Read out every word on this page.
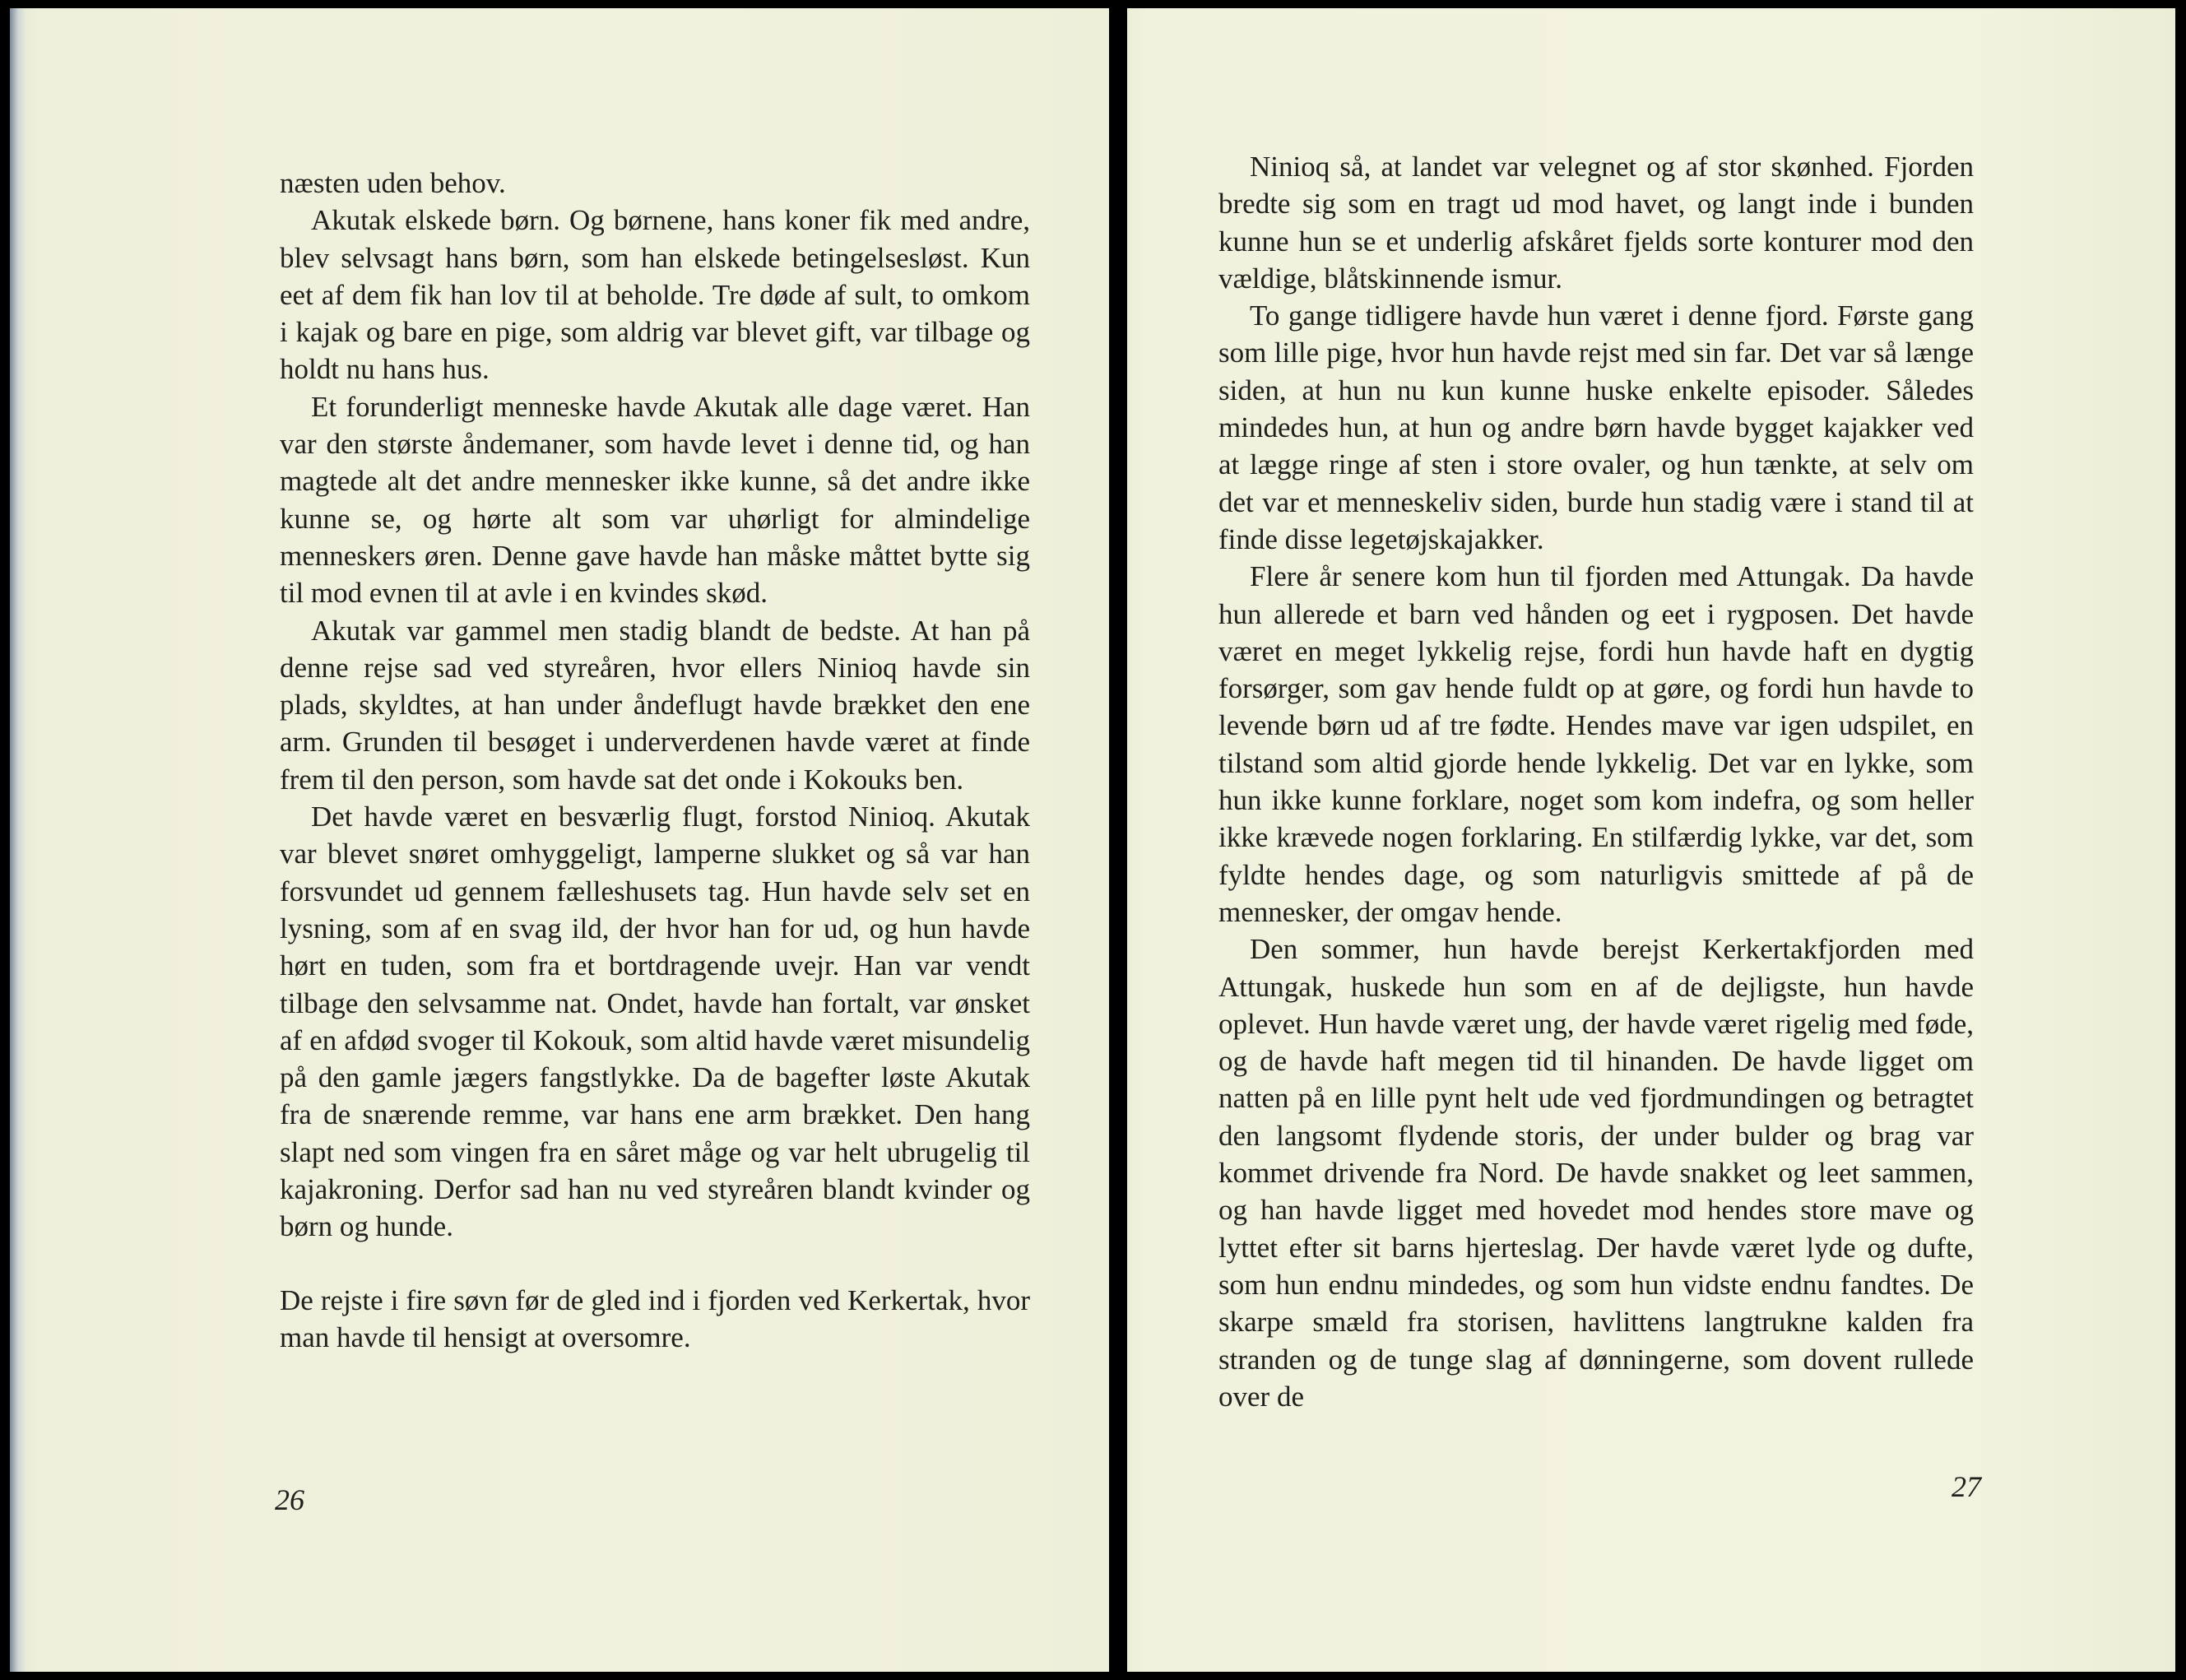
næsten uden behov.

Akutak elskede børn. Og børnene, hans koner fik med andre, blev selvsagt hans børn, som han elskede betingelsesløst. Kun eet af dem fik han lov til at beholde. Tre døde af sult, to omkom i kajak og bare en pige, som aldrig var blevet gift, var tilbage og holdt nu hans hus.

Et forunderligt menneske havde Akutak alle dage været. Han var den største åndemaner, som havde levet i denne tid, og han magtede alt det andre mennesker ikke kunne, så det andre ikke kunne se, og hørte alt som var uhørligt for almindelige menneskers øren. Denne gave havde han måske måttet bytte sig til mod evnen til at avle i en kvindes skød.

Akutak var gammel men stadig blandt de bedste. At han på denne rejse sad ved styreåren, hvor ellers Ninioq havde sin plads, skyldtes, at han under åndeflugt havde brækket den ene arm. Grunden til besøget i underverdenen havde været at finde frem til den person, som havde sat det onde i Kokouks ben.

Det havde været en besværlig flugt, forstod Ninioq. Akutak var blevet snøret omhyggeligt, lamperne slukket og så var han forsvundet ud gennem fælleshusets tag. Hun havde selv set en lysning, som af en svag ild, der hvor han for ud, og hun havde hørt en tuden, som fra et bortdragende uvejr. Han var vendt tilbage den selvsamme nat. Ondet, havde han fortalt, var ønsket af en afdød svoger til Kokouk, som altid havde været misundelig på den gamle jægers fangstlykke. Da de bagefter løste Akutak fra de snærende remme, var hans ene arm brækket. Den hang slapt ned som vingen fra en såret måge og var helt ubrugelig til kajakroning. Derfor sad han nu ved styreåren blandt kvinder og børn og hunde.

De rejste i fire søvn før de gled ind i fjorden ved Kerkertak, hvor man havde til hensigt at oversomre.

26

Ninioq så, at landet var velegnet og af stor skønhed. Fjorden bredte sig som en tragt ud mod havet, og langt inde i bunden kunne hun se et underlig afskåret fjelds sorte konturer mod den vældige, blåtskinnende ismur.

To gange tidligere havde hun været i denne fjord. Første gang som lille pige, hvor hun havde rejst med sin far. Det var så længe siden, at hun nu kun kunne huske enkelte episoder. Således mindedes hun, at hun og andre børn havde bygget kajakker ved at lægge ringe af sten i store ovaler, og hun tænkte, at selv om det var et menneskeliv siden, burde hun stadig være i stand til at finde disse legetøjskajakker.

Flere år senere kom hun til fjorden med Attungak. Da havde hun allerede et barn ved hånden og eet i rygposen. Det havde været en meget lykkelig rejse, fordi hun havde haft en dygtig forsørger, som gav hende fuldt op at gøre, og fordi hun havde to levende børn ud af tre fødte. Hendes mave var igen udspilet, en tilstand som altid gjorde hende lykkelig. Det var en lykke, som hun ikke kunne forklare, noget som kom indefra, og som heller ikke krævede nogen forklaring. En stilfærdig lykke, var det, som fyldte hendes dage, og som naturligvis smittede af på de mennesker, der omgav hende.

Den sommer, hun havde berejst Kerkertakfjorden med Attungak, huskede hun som en af de dejligste, hun havde oplevet. Hun havde været ung, der havde været rigelig med føde, og de havde haft megen tid til hinanden. De havde ligget om natten på en lille pynt helt ude ved fjordmundingen og betragtet den langsomt flydende storis, der under bulder og brag var kommet drivende fra Nord. De havde snakket og leet sammen, og han havde ligget med hovedet mod hendes store mave og lyttet efter sit barns hjerteslag. Der havde været lyde og dufte, som hun endnu mindedes, og som hun vidste endnu fandtes. De skarpe smæld fra storisen, havlittens langtrukne kalden fra stranden og de tunge slag af dønningerne, som dovent rullede over de

27
